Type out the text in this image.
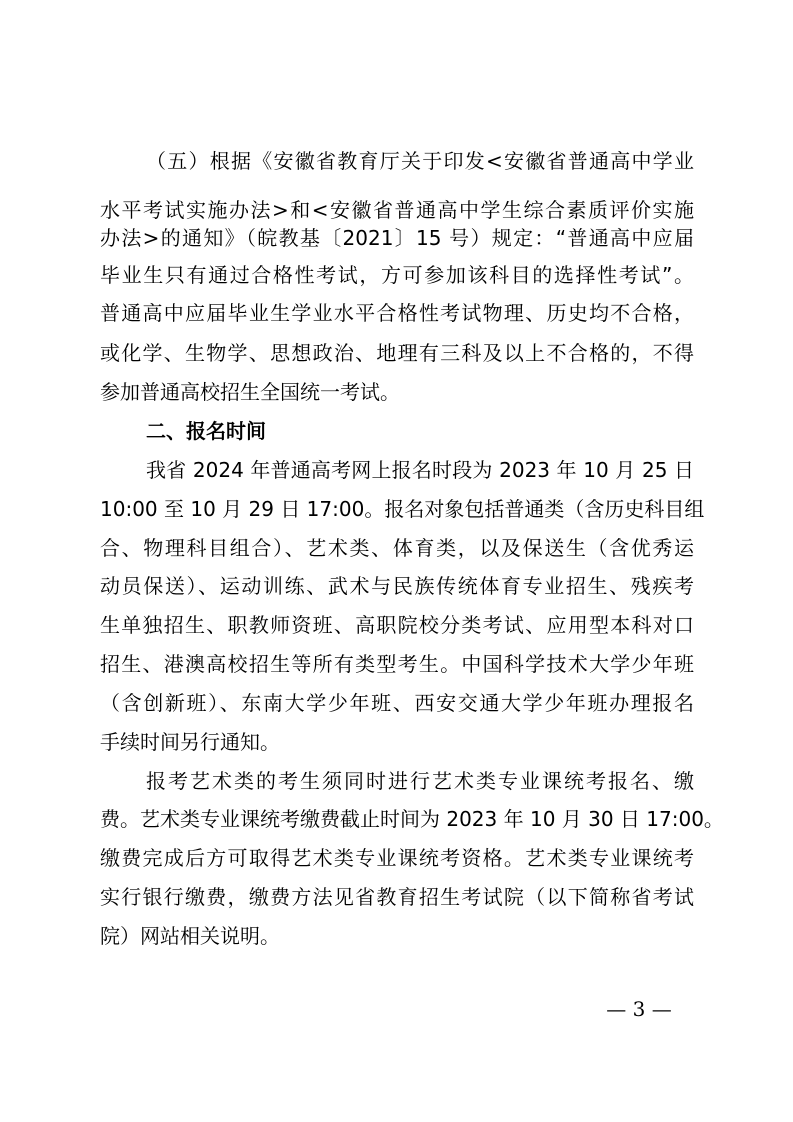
（五）根据《安徽省教育厅关于印发<安徽省普通高中学业
水平考试实施办法>和<安徽省普通高中学生综合素质评价实施
办法>的通知》（皖教基〔2021〕15 号）规定：“普通高中应届
毕业生只有通过合格性考试，方可参加该科目的选择性考试”。
普通高中应届毕业生学业水平合格性考试物理、历史均不合格，
或化学、生物学、思想政治、地理有三科及以上不合格的，不得
参加普通高校招生全国统一考试。
二、报名时间
我省 2024 年普通高考网上报名时段为 2023 年 10 月 25 日
10:00 至 10 月 29 日 17:00。报名对象包括普通类（含历史科目组
合、物理科目组合）、艺术类、体育类，以及保送生（含优秀运
动员保送）、运动训练、武术与民族传统体育专业招生、残疾考
生单独招生、职教师资班、高职院校分类考试、应用型本科对口
招生、港澳高校招生等所有类型考生。中国科学技术大学少年班
（含创新班）、东南大学少年班、西安交通大学少年班办理报名
手续时间另行通知。
报考艺术类的考生须同时进行艺术类专业课统考报名、缴
费。艺术类专业课统考缴费截止时间为 2023 年 10 月 30 日 17:00。
缴费完成后方可取得艺术类专业课统考资格。艺术类专业课统考
实行银行缴费，缴费方法见省教育招生考试院（以下简称省考试
院）网站相关说明。
— 3 —
